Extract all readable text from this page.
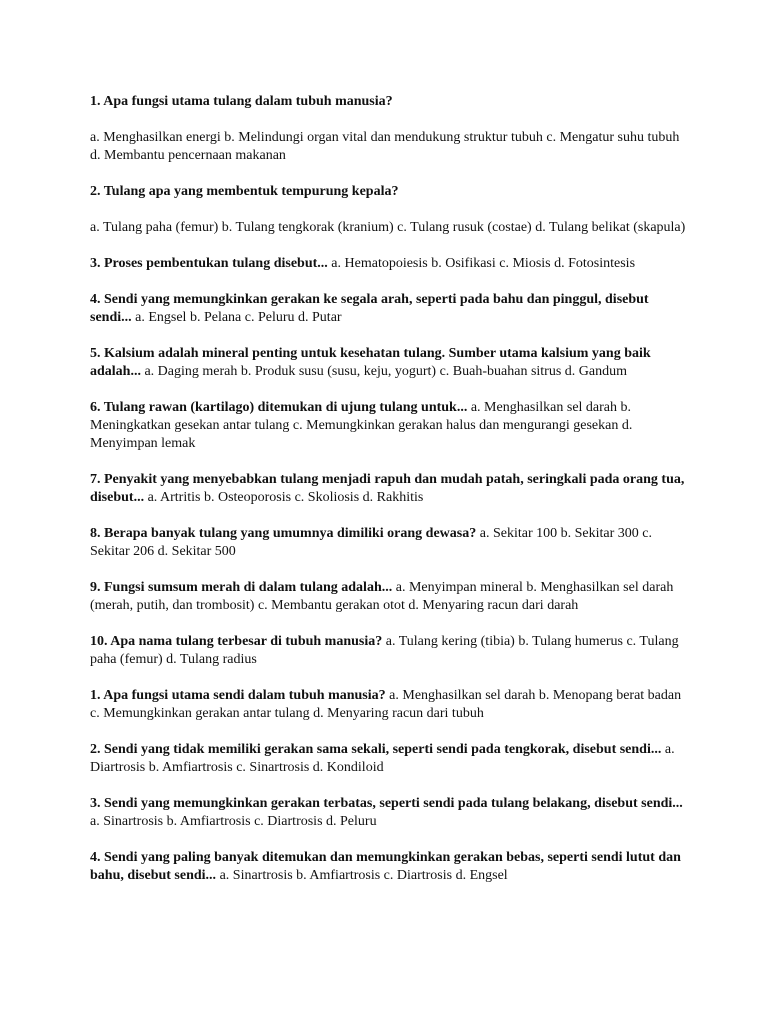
1. Apa fungsi utama tulang dalam tubuh manusia?
a. Menghasilkan energi b. Melindungi organ vital dan mendukung struktur tubuh c. Mengatur suhu tubuh d. Membantu pencernaan makanan

2. Tulang apa yang membentuk tempurung kepala?
a. Tulang paha (femur) b. Tulang tengkorak (kranium) c. Tulang rusuk (costae) d. Tulang belikat (skapula)

3. Proses pembentukan tulang disebut... a. Hematopoiesis b. Osifikasi c. Miosis d. Fotosintesis

4. Sendi yang memungkinkan gerakan ke segala arah, seperti pada bahu dan pinggul, disebut sendi... a. Engsel b. Pelana c. Peluru d. Putar

5. Kalsium adalah mineral penting untuk kesehatan tulang. Sumber utama kalsium yang baik adalah... a. Daging merah b. Produk susu (susu, keju, yogurt) c. Buah-buahan sitrus d. Gandum

6. Tulang rawan (kartilago) ditemukan di ujung tulang untuk... a. Menghasilkan sel darah b. Meningkatkan gesekan antar tulang c. Memungkinkan gerakan halus dan mengurangi gesekan d. Menyimpan lemak

7. Penyakit yang menyebabkan tulang menjadi rapuh dan mudah patah, seringkali pada orang tua, disebut... a. Artritis b. Osteoporosis c. Skoliosis d. Rakhitis

8. Berapa banyak tulang yang umumnya dimiliki orang dewasa? a. Sekitar 100 b. Sekitar 300 c. Sekitar 206 d. Sekitar 500

9. Fungsi sumsum merah di dalam tulang adalah... a. Menyimpan mineral b. Menghasilkan sel darah (merah, putih, dan trombosit) c. Membantu gerakan otot d. Menyaring racun dari darah

10. Apa nama tulang terbesar di tubuh manusia? a. Tulang kering (tibia) b. Tulang humerus c. Tulang paha (femur) d. Tulang radius

1. Apa fungsi utama sendi dalam tubuh manusia? a. Menghasilkan sel darah b. Menopang berat badan c. Memungkinkan gerakan antar tulang d. Menyaring racun dari tubuh

2. Sendi yang tidak memiliki gerakan sama sekali, seperti sendi pada tengkorak, disebut sendi... a. Diartrosis b. Amfiartrosis c. Sinartrosis d. Kondiloid

3. Sendi yang memungkinkan gerakan terbatas, seperti sendi pada tulang belakang, disebut sendi... a. Sinartrosis b. Amfiartrosis c. Diartrosis d. Peluru

4. Sendi yang paling banyak ditemukan dan memungkinkan gerakan bebas, seperti sendi lutut dan bahu, disebut sendi... a. Sinartrosis b. Amfiartrosis c. Diartrosis d. Engsel
